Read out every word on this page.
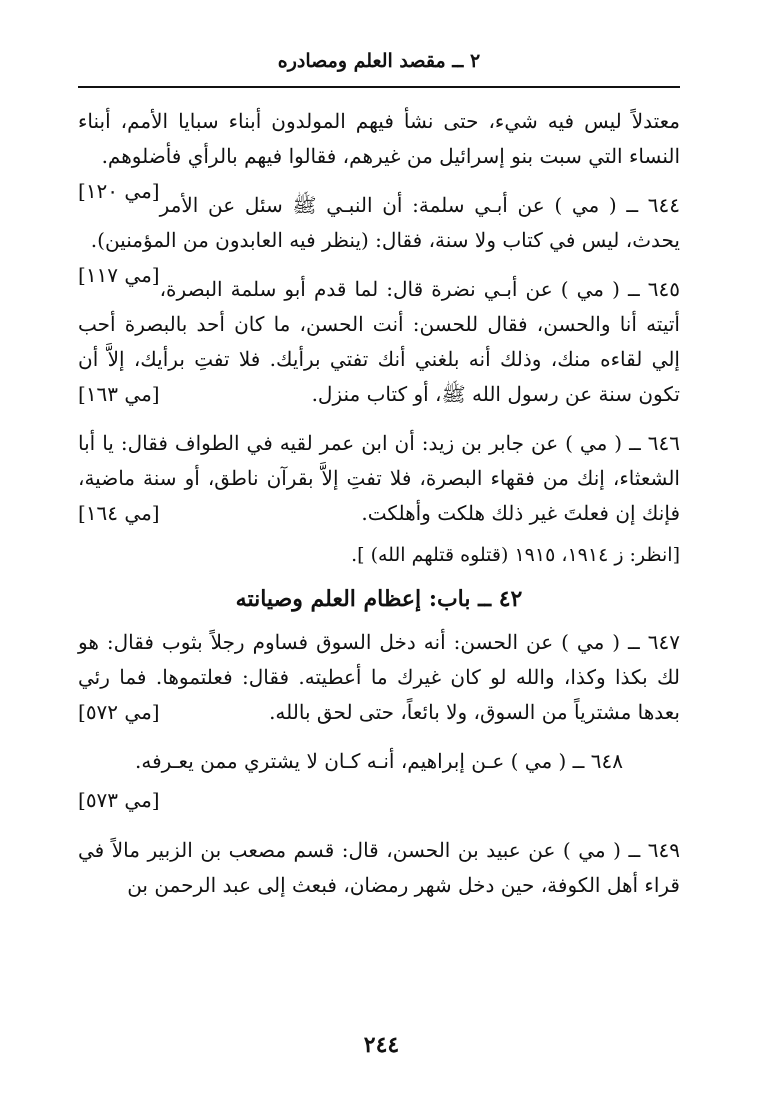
٢ ــ مقصد العلم ومصادره

معتدلاً ليس فيه شيء، حتى نشأ فيهم المولدون أبناء سبايا الأمم، أبناء النساء التي سبت بنو إسرائيل من غيرهم، فقالوا فيهم بالرأي فأضلوهم.
[مي ١٢٠]

٦٤٤ ــ ( مي ) عن أبـي سلمة: أن النبـي ﷺ سئل عن الأمر يحدث، ليس في كتاب ولا سنة، فقال: (ينظر فيه العابدون من المؤمنين).
[مي ١١٧]

٦٤٥ ــ ( مي ) عن أبـي نضرة قال: لما قدم أبو سلمة البصرة، أتيته أنا والحسن، فقال للحسن: أنت الحسن، ما كان أحد بالبصرة أحب إلي لقاءه منك، وذلك أنه بلغني أنك تفتي برأيك. فلا تفتِ برأيك، إلاَّ أن تكون سنة عن رسول الله ﷺ، أو كتاب منزل.
[مي ١٦٣]

٦٤٦ ــ ( مي ) عن جابر بن زيد: أن ابن عمر لقيه في الطواف فقال: يا أبا الشعثاء، إنك من فقهاء البصرة، فلا تفتِ إلاَّ بقرآن ناطق، أو سنة ماضية، فإنك إن فعلتَ غير ذلك هلكت وأهلكت.
[مي ١٦٤]

[انظر: ز ١٩١٤، ١٩١٥ (قتلوه قتلهم الله) ].

٤٢ ــ باب: إعظام العلم وصيانته

٦٤٧ ــ ( مي ) عن الحسن: أنه دخل السوق فساوم رجلاً بثوب فقال: هو لك بكذا وكذا، والله لو كان غيرك ما أعطيته. فقال: فعلتموها. فما رئي بعدها مشترياً من السوق، ولا بائعاً، حتى لحق بالله.
[مي ٥٧٢]

٦٤٨ ــ ( مي ) عـن إبراهيم، أنـه كـان لا يشتري ممن يعـرفه.

[مي ٥٧٣]

٦٤٩ ــ ( مي ) عن عبيد بن الحسن، قال: قسم مصعب بن الزبير مالاً في قراء أهل الكوفة، حين دخل شهر رمضان، فبعث إلى عبد الرحمن بن

٢٤٤
